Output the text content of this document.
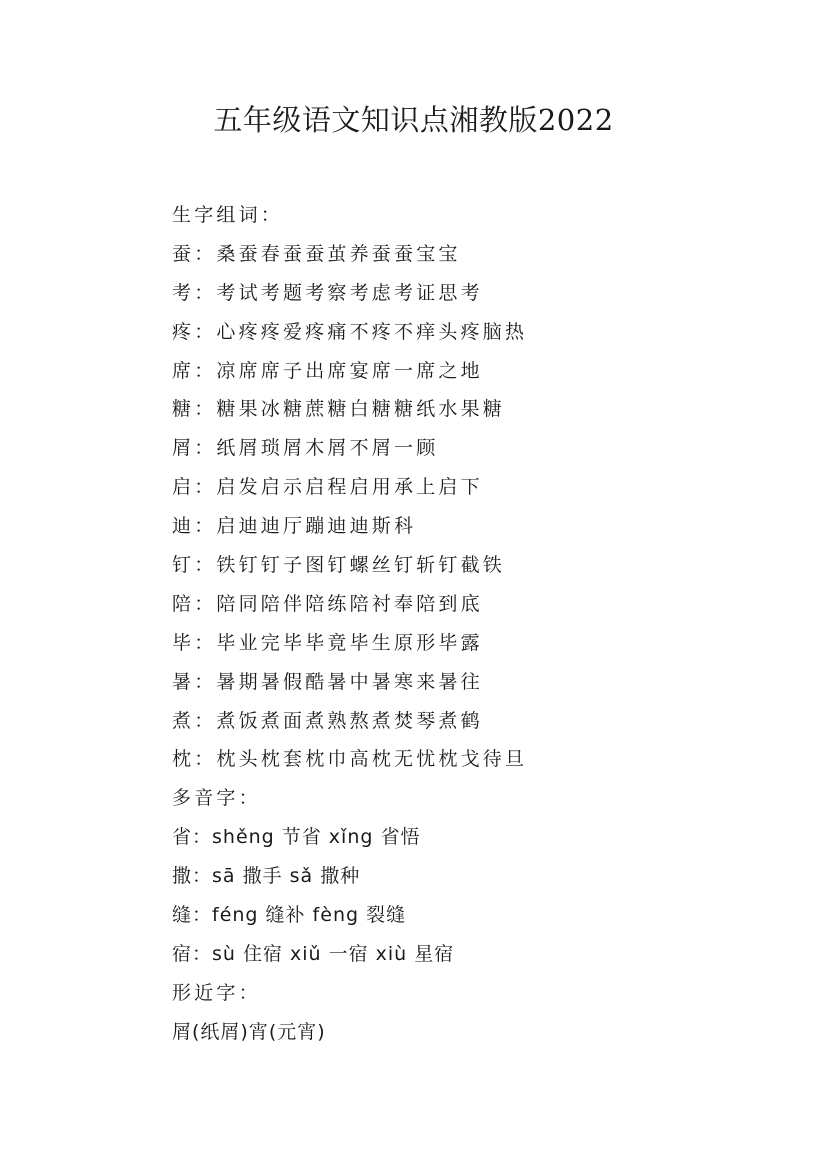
五年级语文知识点湘教版2022
生字组词：
蚕：桑蚕春蚕蚕茧养蚕蚕宝宝
考：考试考题考察考虑考证思考
疼：心疼疼爱疼痛不疼不痒头疼脑热
席：凉席席子出席宴席一席之地
糖：糖果冰糖蔗糖白糖糖纸水果糖
屑：纸屑琐屑木屑不屑一顾
启：启发启示启程启用承上启下
迪：启迪迪厅蹦迪迪斯科
钉：铁钉钉子图钉螺丝钉斩钉截铁
陪：陪同陪伴陪练陪衬奉陪到底
毕：毕业完毕毕竟毕生原形毕露
暑：暑期暑假酷暑中暑寒来暑往
煮：煮饭煮面煮熟熬煮焚琴煮鹤
枕：枕头枕套枕巾高枕无忧枕戈待旦
多音字：
省：shěng 节省 xǐng 省悟
撒：sā 撒手 sǎ 撒种
缝：féng 缝补 fèng 裂缝
宿：sù 住宿 xiǔ 一宿 xiù 星宿
形近字：
屑(纸屑)宵(元宵)
